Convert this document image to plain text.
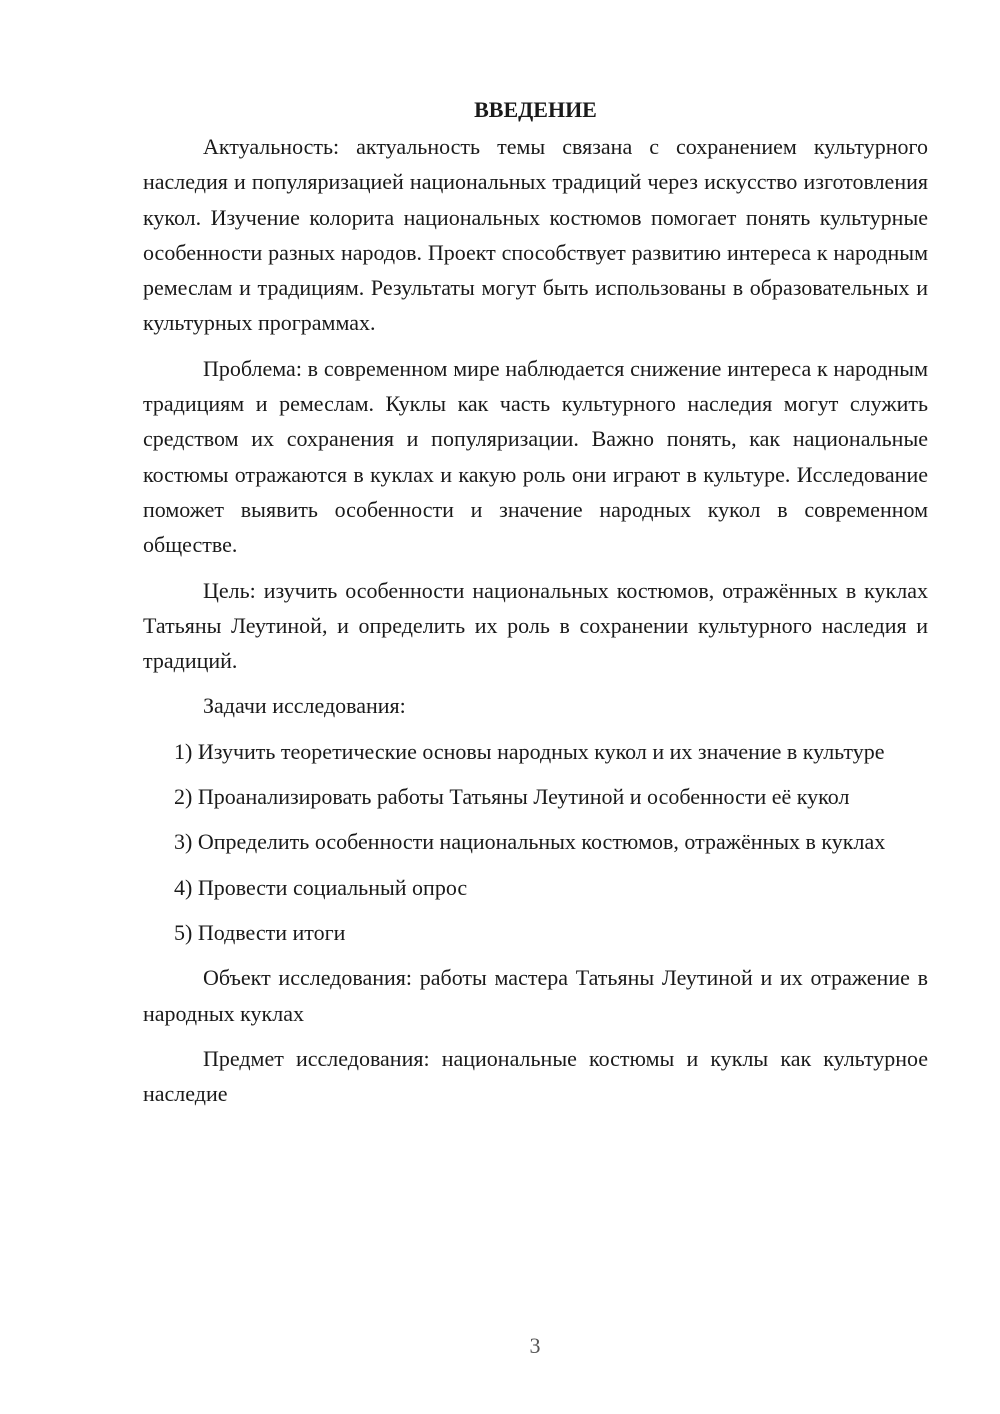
ВВЕДЕНИЕ

Актуальность: актуальность темы связана с сохранением культурного наследия и популяризацией национальных традиций через искусство изготовления кукол. Изучение колорита национальных костюмов помогает понять культурные особенности разных народов. Проект способствует развитию интереса к народным ремеслам и традициям. Результаты могут быть использованы в образовательных и культурных программах.

Проблема: в современном мире наблюдается снижение интереса к народным традициям и ремеслам. Куклы как часть культурного наследия могут служить средством их сохранения и популяризации. Важно понять, как национальные костюмы отражаются в куклах и какую роль они играют в культуре. Исследование поможет выявить особенности и значение народных кукол в современном обществе.

Цель: изучить особенности национальных костюмов, отражённых в куклах Татьяны Леутиной, и определить их роль в сохранении культурного наследия и традиций.

Задачи исследования:

1) Изучить теоретические основы народных кукол и их значение в культуре

2) Проанализировать работы Татьяны Леутиной и особенности её кукол

3) Определить особенности национальных костюмов, отражённых в куклах

4) Провести социальный опрос

5) Подвести итоги

Объект исследования: работы мастера Татьяны Леутиной и их отражение в народных куклах

Предмет исследования: национальные костюмы и куклы как культурное наследие

3
